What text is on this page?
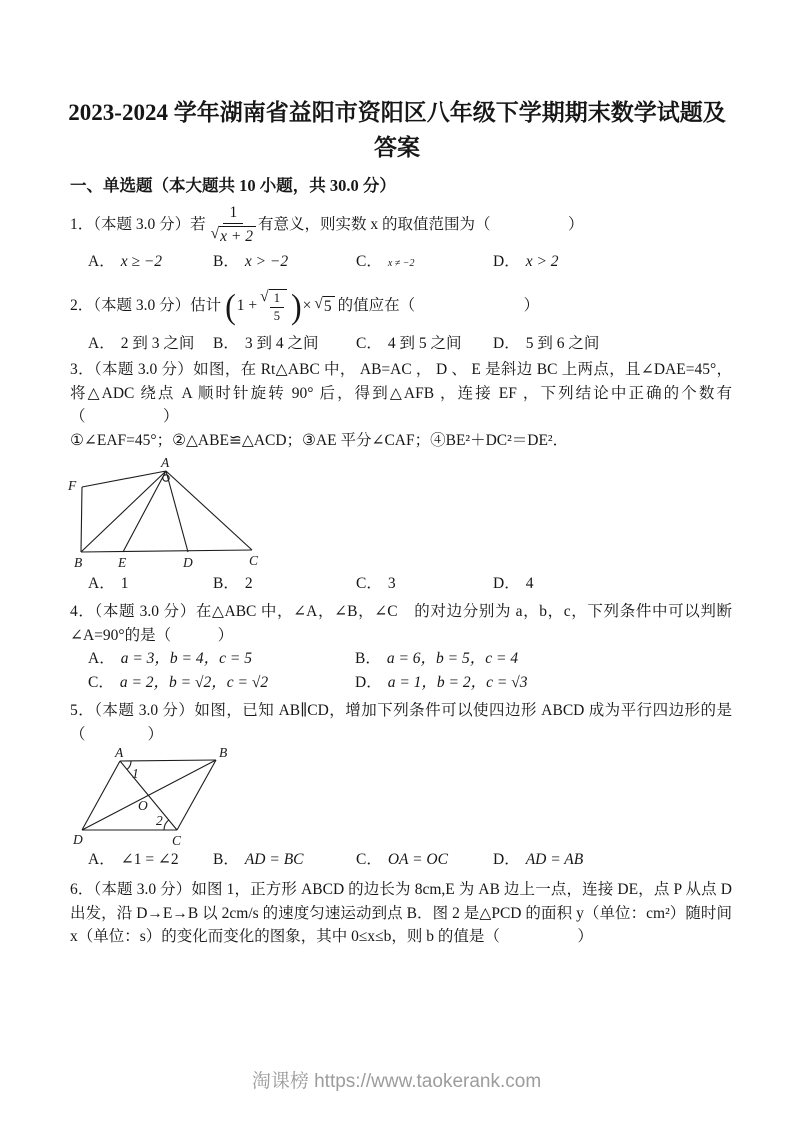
2023-2024 学年湖南省益阳市资阳区八年级下学期期末数学试题及答案
一、单选题（本大题共 10 小题，共 30.0 分）
1．（本题 3.0 分）若 $\frac{1}{√ x + 2}$ 有意义，则实数 x 的取值范围为（　　　　　）
A． x ≥ −2	B． x > −2	C． x ≠ −2	D． x > 2
2．（本题 3.0 分）估计 ( 1 +
√ $\frac{1}{5}$ ) × √ 5 的值应在（　　　　　　　）
A． 2 到 3 之间	B． 3 到 4 之间	C． 4 到 5 之间	D． 5 到 6 之间

3．（本题 3.0 分）如图，在 Rt△ABC 中， AB=AC ， D 、 E 是斜边 BC 上两点，且∠DAE=45°，将△ADC 绕点 A 顺时针旋转 90° 后，得到△AFB ，连接 EF ，下列结论中正确的个数有（　　　　　）

①∠EAF=45°；②△ABE≌△ACD；③AE 平分∠CAF；④BE²＋DC²＝DE²．

A
F
B	E	D	C
A． 1	B． 2	C． 3	D． 4

4．（本题 3.0 分）在△ABC 中，∠A，∠B，∠C　的对边分别为 a，b，c，下列条件中可以判断∠A=90°的是（　　　）

A． a = 3，b = 4，c = 5	B． a = 6，b = 5，c = 4
C． a = 2，b = √2，c = √2	D． a = 1，b = 2，c = √3

5．（本题 3.0 分）如图，已知 AB∥CD，增加下列条件可以使四边形 ABCD 成为平行四边形的是（　　　　）

A	B
D	C
O
1
2
A． ∠1 = ∠2	B． AD = BC	C． OA = OC	D． AD = AB

6．（本题 3.0 分）如图 1，正方形 ABCD 的边长为 8cm,E 为 AB 边上一点，连接 DE，点 P 从点 D 出发，沿 D→E→B 以 2cm/s 的速度匀速运动到点 B．图 2 是△PCD 的面积 y（单位：cm²）随时间 x（单位：s）的变化而变化的图象，其中 0≤x≤b，则 b 的值是（　　　　　）

淘课榜 https://www.taokerank.com
